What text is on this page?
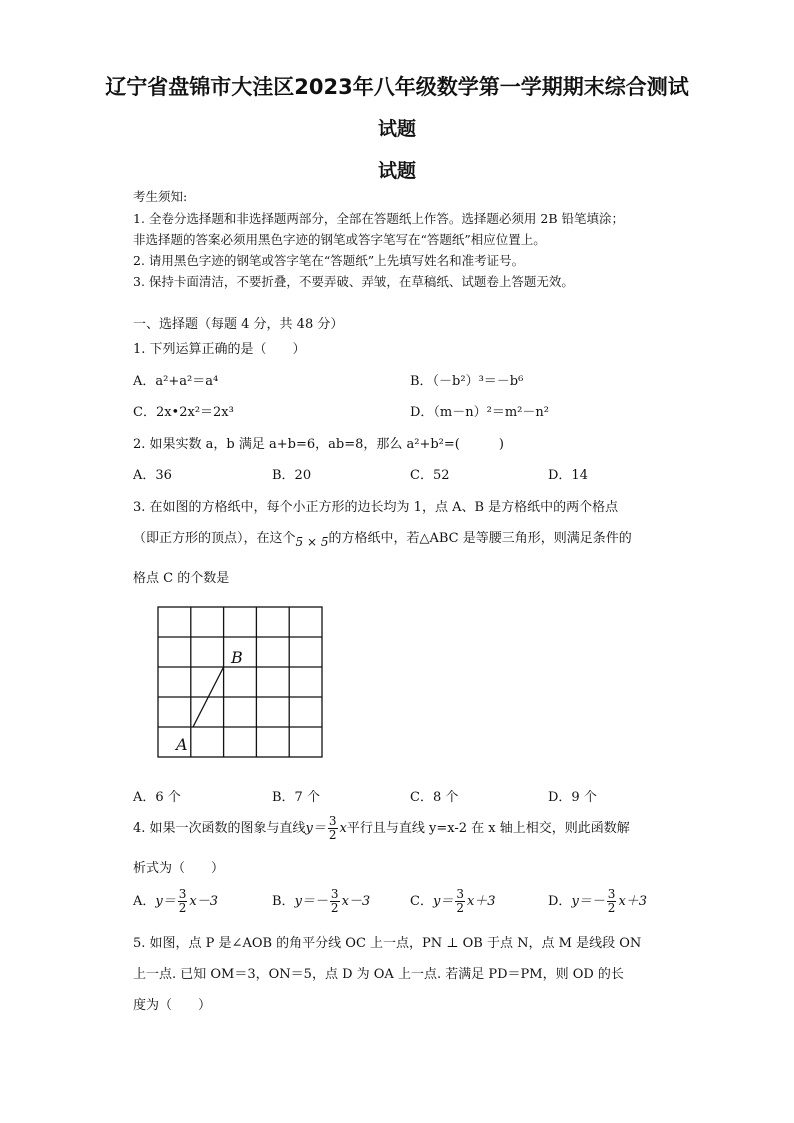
辽宁省盘锦市大洼区2023年八年级数学第一学期期末综合测试
试题
试题
考生须知:
1. 全卷分选择题和非选择题两部分，全部在答题纸上作答。选择题必须用 2B 铅笔填涂；
非选择题的答案必须用黑色字迹的钢笔或答字笔写在“答题纸”相应位置上。
2. 请用黑色字迹的钢笔或答字笔在“答题纸”上先填写姓名和准考证号。
3. 保持卡面清洁，不要折叠，不要弄破、弄皱，在草稿纸、试题卷上答题无效。
一、选择题（每题 4 分，共 48 分）
1. 下列运算正确的是（　　）
A．a²+a²＝a⁴	B．（－b²）³＝－b⁶
C．2x•2x²＝2x³	D．（m－n）²＝m²－n²
2. 如果实数 a，b 满足 a+b=6，ab=8，那么 a²+b²=(　　　)
A．36	B．20	C．52	D．14
3. 在如图的方格纸中，每个小正方形的边长均为 1，点 A、B 是方格纸中的两个格点
（即正方形的顶点），在这个5 × 5的方格纸中，若△ABC 是等腰三角形，则满足条件的
格点 C 的个数是
A
B
A．6 个	B．7 个	C．8 个	D．9 个
4. 如果一次函数的图象与直线$y= \frac{3}{2}$ x平行且与直线 y=x-2 在 x 轴上相交，则此函数解
析式为（　　）
A．$y= \frac{3}{2} x-3$	B．$y=- \frac{3}{2} x-3$	C．$y= \frac{3}{2} x+3$	D．$y=- \frac{3}{2} x+3$
5. 如图，点 P 是∠AOB 的角平分线 OC 上一点，PN ⊥ OB 于点 N，点 M 是线段 ON
上一点. 已知 OM＝3，ON＝5，点 D 为 OA 上一点. 若满足 PD＝PM，则 OD 的长
度为（　　）
